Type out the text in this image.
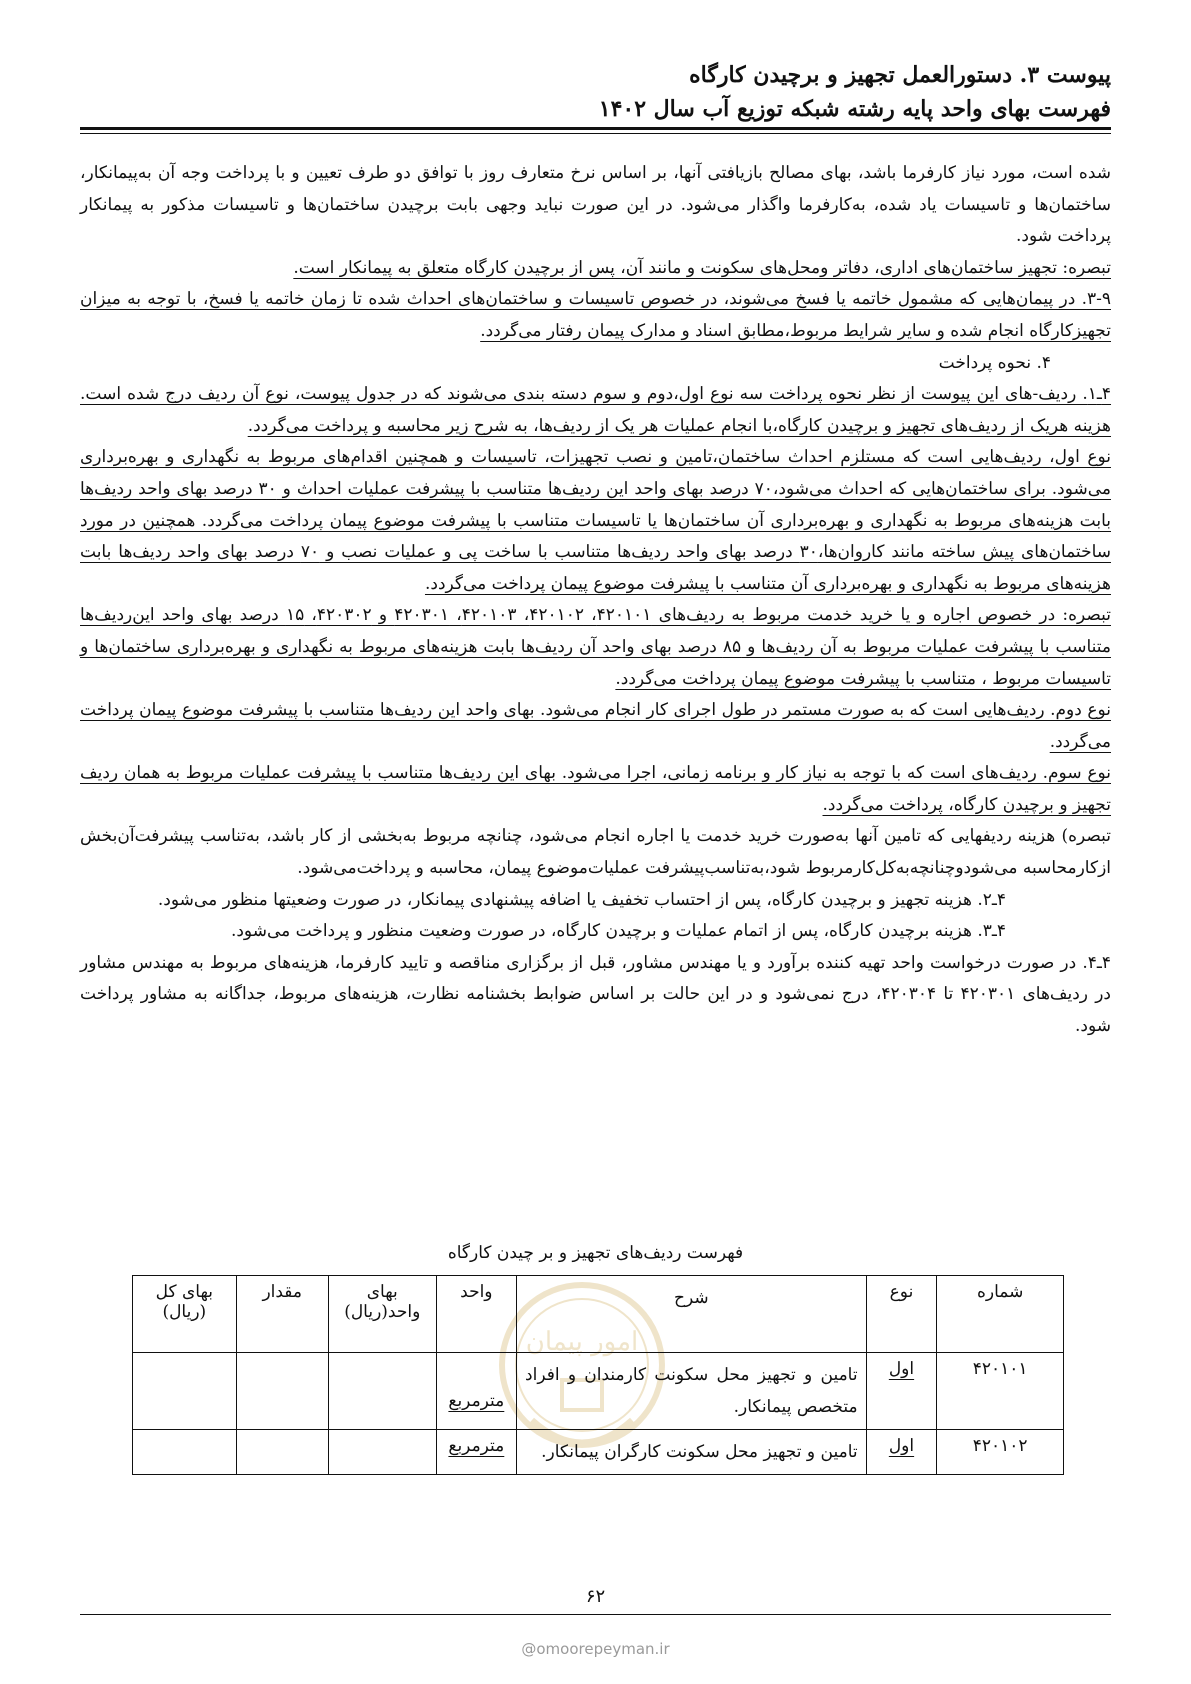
پیوست ۳. دستورالعمل تجهیز و برچیدن کارگاه
فهرست بهای واحد پایه رشته شبکه توزیع آب سال ۱۴۰۲

شده است، مورد نیاز کارفرما باشد، بهای مصالح بازیافتی آنها، بر اساس نرخ متعارف روز با توافق دو طرف تعیین و با پرداخت وجه آن به‌پیمانکار، ساختمان‌ها و تاسیسات یاد شده، به‌کارفرما واگذار می‌شود. در این صورت نباید وجهی بابت برچیدن ساختمان‌ها و تاسیسات مذکور به پیمانکار پرداخت شود.

تبصره: تجهیز ساختمان‌های اداری، دفاتر ومحل‌های سکونت و مانند آن، پس از برچیدن کارگاه متعلق به پیمانکار است.

۳-۹. در پیمان‌هایی که مشمول خاتمه یا فسخ می‌شوند، در خصوص تاسیسات و ساختمان‌های احداث شده تا زمان خاتمه یا فسخ، با توجه به میزان تجهیزکارگاه انجام شده و سایر شرایط مربوط،مطابق اسناد و مدارک پیمان رفتار می‌گردد.

۴. نحوه پرداخت

۴ـ۱. ردیف-های این پیوست از نظر نحوه پرداخت سه نوع اول،دوم و سوم دسته بندی می‌شوند که در جدول پیوست، نوع آن ردیف درج شده است. هزینه هریک از ردیف‌های تجهیز و برچیدن کارگاه،با انجام عملیات هر یک از ردیف‌ها، به شرح زیر محاسبه و پرداخت می‌گردد.

نوع اول، ردیف‌هایی است که مستلزم احداث ساختمان،تامین و نصب تجهیزات، تاسیسات و همچنین اقدام‌های مربوط به نگهداری و بهره‌برداری می‌شود. برای ساختمان‌هایی که احداث می‌شود،۷۰ درصد بهای واحد این ردیف‌ها متناسب با پیشرفت عملیات احداث و ۳۰ درصد بهای واحد ردیف‌ها بابت هزینه‌های مربوط به نگهداری و بهره‌برداری آن ساختمان‌ها یا تاسیسات متناسب با پیشرفت موضوع پیمان پرداخت می‌گردد. همچنین در مورد ساختمان‌های پیش ساخته مانند کاروان‌ها،۳۰ درصد بهای واحد ردیف‌ها متناسب با ساخت پی و عملیات نصب و ۷۰ درصد بهای واحد ردیف‌ها بابت هزینه‌های مربوط به نگهداری و بهره‌برداری آن متناسب با پیشرفت موضوع پیمان پرداخت می‌گردد.

تبصره: در خصوص اجاره و یا خرید خدمت مربوط به ردیف‌های ۴۲۰۱۰۱، ۴۲۰۱۰۲، ۴۲۰۱۰۳، ۴۲۰۳۰۱ و ۴۲۰۳۰۲، ۱۵ درصد بهای واحد این‌ردیف‌ها متناسب با پیشرفت عملیات مربوط به آن ردیف‌ها و ۸۵ درصد بهای واحد آن ردیف‌ها بابت هزینه‌های مربوط به نگهداری و بهره‌برداری ساختمان‌ها و تاسیسات مربوط ، متناسب با پیشرفت موضوع پیمان پرداخت می‌گردد.

نوع دوم. ردیف‌هایی است که به صورت مستمر در طول اجرای کار انجام می‌شود. بهای واحد این ردیف‌ها متناسب با پیشرفت موضوع پیمان پرداخت می‌گردد.

نوع سوم. ردیف‌های است که با توجه به نیاز کار و برنامه زمانی، اجرا می‌شود. بهای این ردیف‌ها متناسب با پیشرفت عملیات مربوط به همان ردیف تجهیز و برچیدن کارگاه، پرداخت می‌گردد.

تبصره) هزینه ردیفهایی که تامین آنها به‌صورت خرید خدمت یا اجاره انجام می‌شود، چنانچه مربوط به‌بخشی از کار باشد، به‌تناسب پیشرفت‌آن‌بخش ازکارمحاسبه می‌شودوچنانچه‌به‌کل‌کارمربوط شود،به‌تناسب‌پیشرفت عملیات‌موضوع پیمان، محاسبه و پرداخت‌می‌شود.

۴ـ۲. هزینه تجهیز و برچیدن کارگاه، پس از احتساب تخفیف یا اضافه پیشنهادی پیمانکار، در صورت وضعیتها منظور می‌شود.

۴ـ۳. هزینه برچیدن کارگاه، پس از اتمام عملیات و برچیدن کارگاه، در صورت وضعیت منظور و پرداخت می‌شود.

۴ـ۴. در صورت درخواست واحد تهیه کننده برآورد و یا مهندس مشاور، قبل از برگزاری مناقصه و تایید کارفرما، هزینه‌های مربوط به مهندس مشاور در ردیف‌های ۴۲۰۳۰۱ تا ۴۲۰۳۰۴، درج نمی‌شود و در این حالت بر اساس ضوابط بخشنامه نظارت، هزینه‌های مربوط، جداگانه به مشاور پرداخت شود.

فهرست ردیف‌های تجهیز و بر چیدن کارگاه
امور پیمان
شماره	نوع	شرح	واحد	بهای واحد(ریال)	مقدار	بهای کل (ریال)
۴۲۰۱۰۱	اول	تامین و تجهیز محل سکونت کارمندان و افراد متخصص پیمانکار.	مترمربع			

۴۲۰۱۰۲	اول	تامین و تجهیز محل سکونت کارگران پیمانکار.	مترمربع			
۶۲
@omoorepeyman.ir
